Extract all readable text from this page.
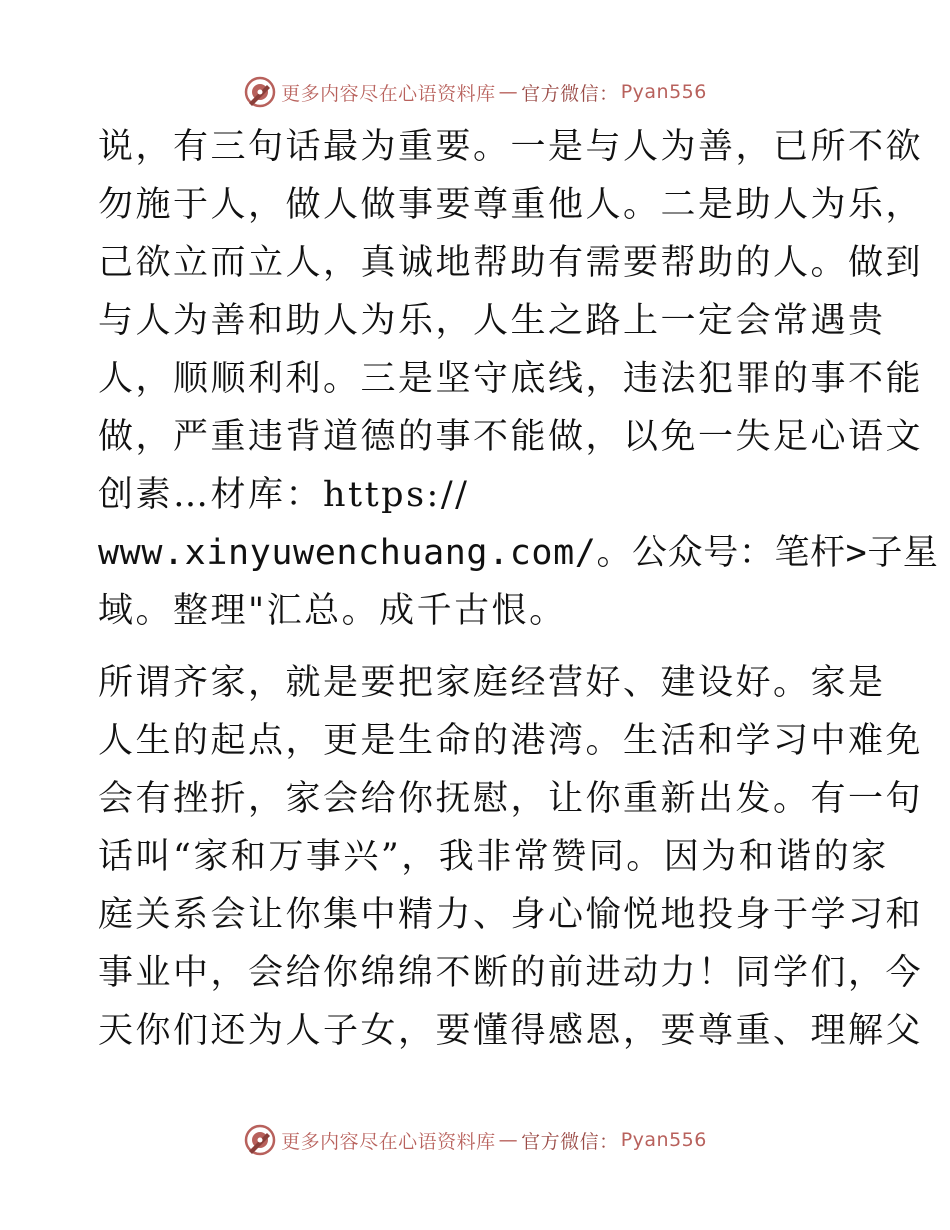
更多内容尽在心语资料库 — 官方微信： Pyan556
说，有三句话最为重要。一是与人为善，已所不欲
勿施于人，做人做事要尊重他人。二是助人为乐，
己欲立而立人，真诚地帮助有需要帮助的人。做到
与人为善和助人为乐，人生之路上一定会常遇贵
人，顺顺利利。三是坚守底线，违法犯罪的事不能
做，严重违背道德的事不能做，以免一失足心语文
创素…材库：https://
www.xinyuwenchuang.com/。公众号：笔杆>子星
域。整理"汇总。成千古恨。
所谓齐家，就是要把家庭经营好、建设好。家是
人生的起点，更是生命的港湾。生活和学习中难免
会有挫折，家会给你抚慰，让你重新出发。有一句
话叫“家和万事兴”，我非常赞同。因为和谐的家
庭关系会让你集中精力、身心愉悦地投身于学习和
事业中，会给你绵绵不断的前进动力！同学们，今
天你们还为人子女，要懂得感恩，要尊重、理解父
更多内容尽在心语资料库 — 官方微信： Pyan556
